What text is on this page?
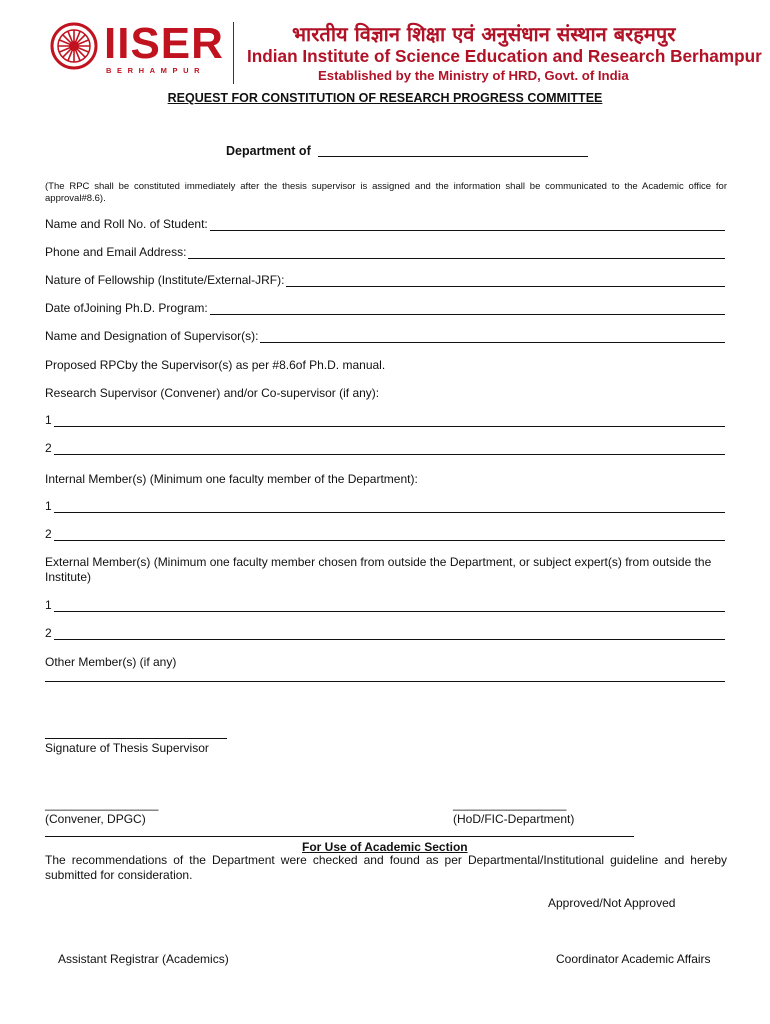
IISER
BERHAMPUR
भारतीय विज्ञान शिक्षा एवं अनुसंधान संस्थान बरहमपुर
Indian Institute of Science Education and Research Berhampur
Established by the Ministry of HRD, Govt. of India
REQUEST FOR CONSTITUTION OF RESEARCH PROGRESS COMMITTEE
Department of
(The RPC shall be constituted immediately after the thesis supervisor is assigned and the information shall be communicated to the Academic office for approval#8.6).
Name and Roll No. of Student:
Phone and Email Address:
Nature of Fellowship (Institute/External-JRF):
Date ofJoining Ph.D. Program:
Name and Designation of Supervisor(s):
Proposed RPCby the Supervisor(s) as per #8.6of Ph.D. manual.
Research Supervisor (Convener) and/or Co-supervisor (if any):
1
2
Internal Member(s) (Minimum one faculty member of the Department):
1
2
External Member(s) (Minimum one faculty member chosen from outside the Department, or subject expert(s) from outside the Institute)
1
2
Other Member(s) (if any)
Signature of Thesis Supervisor
_________________
(Convener, DPGC)
_________________
(HoD/FIC-Department)
For Use of Academic Section
The recommendations of the Department were checked and found as per Departmental/Institutional guideline and hereby submitted for consideration.
Approved/Not Approved
Assistant Registrar (Academics)	Coordinator Academic Affairs
